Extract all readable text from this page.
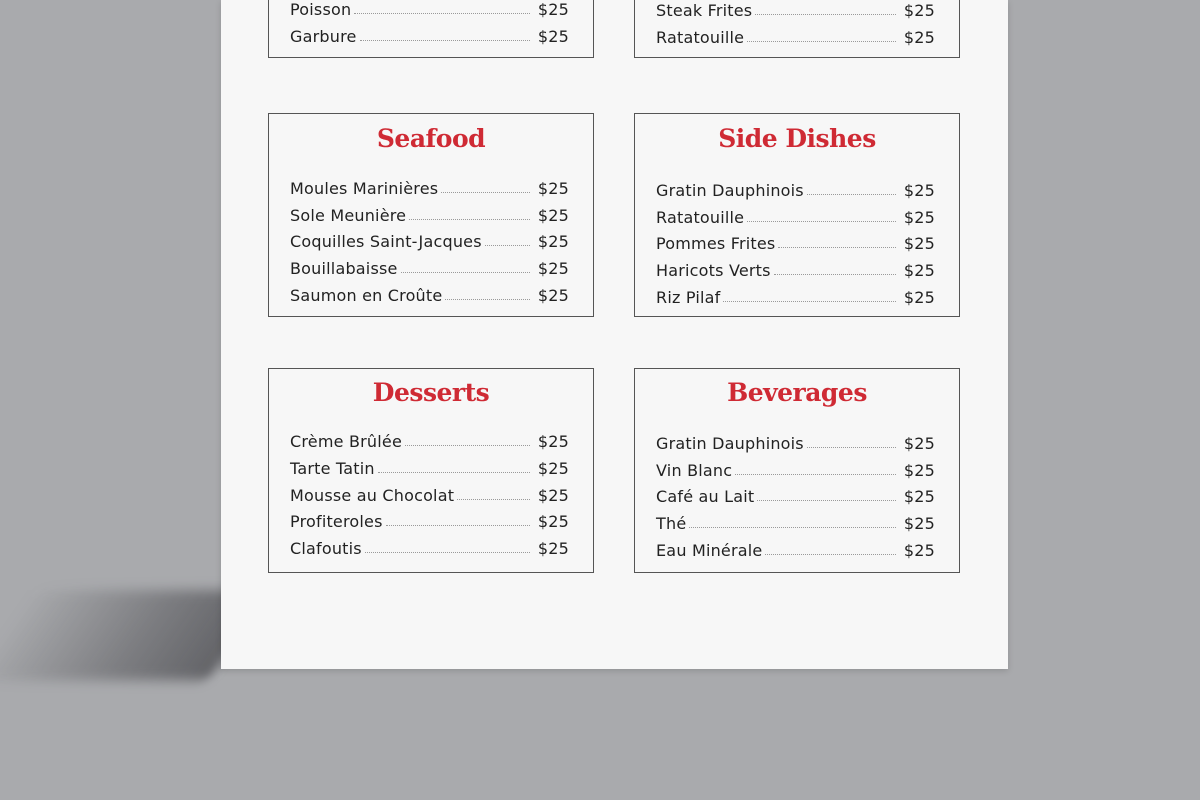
Poisson	$25
Garbure	$25
Steak Frites	$25
Ratatouille	$25
Seafood
Moules Marinières	$25
Sole Meunière	$25
Coquilles Saint-Jacques	$25
Bouillabaisse	$25
Saumon en Croûte	$25
Side Dishes
Gratin Dauphinois	$25
Ratatouille	$25
Pommes Frites	$25
Haricots Verts	$25
Riz Pilaf	$25
Desserts
Crème Brûlée	$25
Tarte Tatin	$25
Mousse au Chocolat	$25
Profiteroles	$25
Clafoutis	$25
Beverages
Gratin Dauphinois	$25
Vin Blanc	$25
Café au Lait	$25
Thé	$25
Eau Minérale	$25
